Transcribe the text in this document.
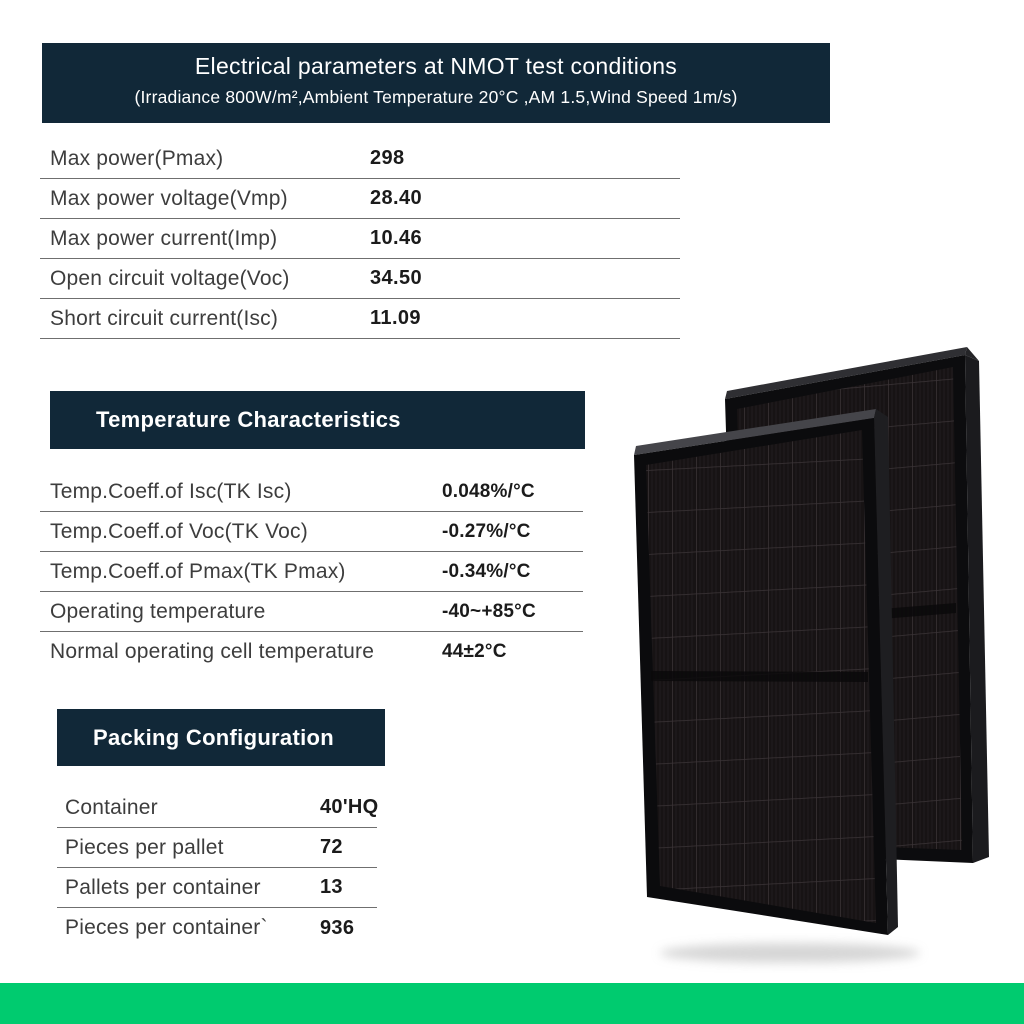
Electrical parameters at NMOT test conditions
(Irradiance 800W/m²,Ambient Temperature 20°C ,AM 1.5,Wind Speed 1m/s)
Max power(Pmax)	298
Max power voltage(Vmp)	28.40
Max power current(Imp)	10.46
Open circuit voltage(Voc)	34.50
Short circuit current(Isc)	11.09
Temperature Characteristics
Temp.Coeff.of Isc(TK Isc)	0.048%/°C
Temp.Coeff.of Voc(TK Voc)	-0.27%/°C
Temp.Coeff.of Pmax(TK Pmax)	-0.34%/°C
Operating temperature	-40~+85°C
Normal operating cell temperature	44±2°C
Packing Configuration
Container	40'HQ
Pieces per pallet	72
Pallets per container	13
Pieces per container`	936
